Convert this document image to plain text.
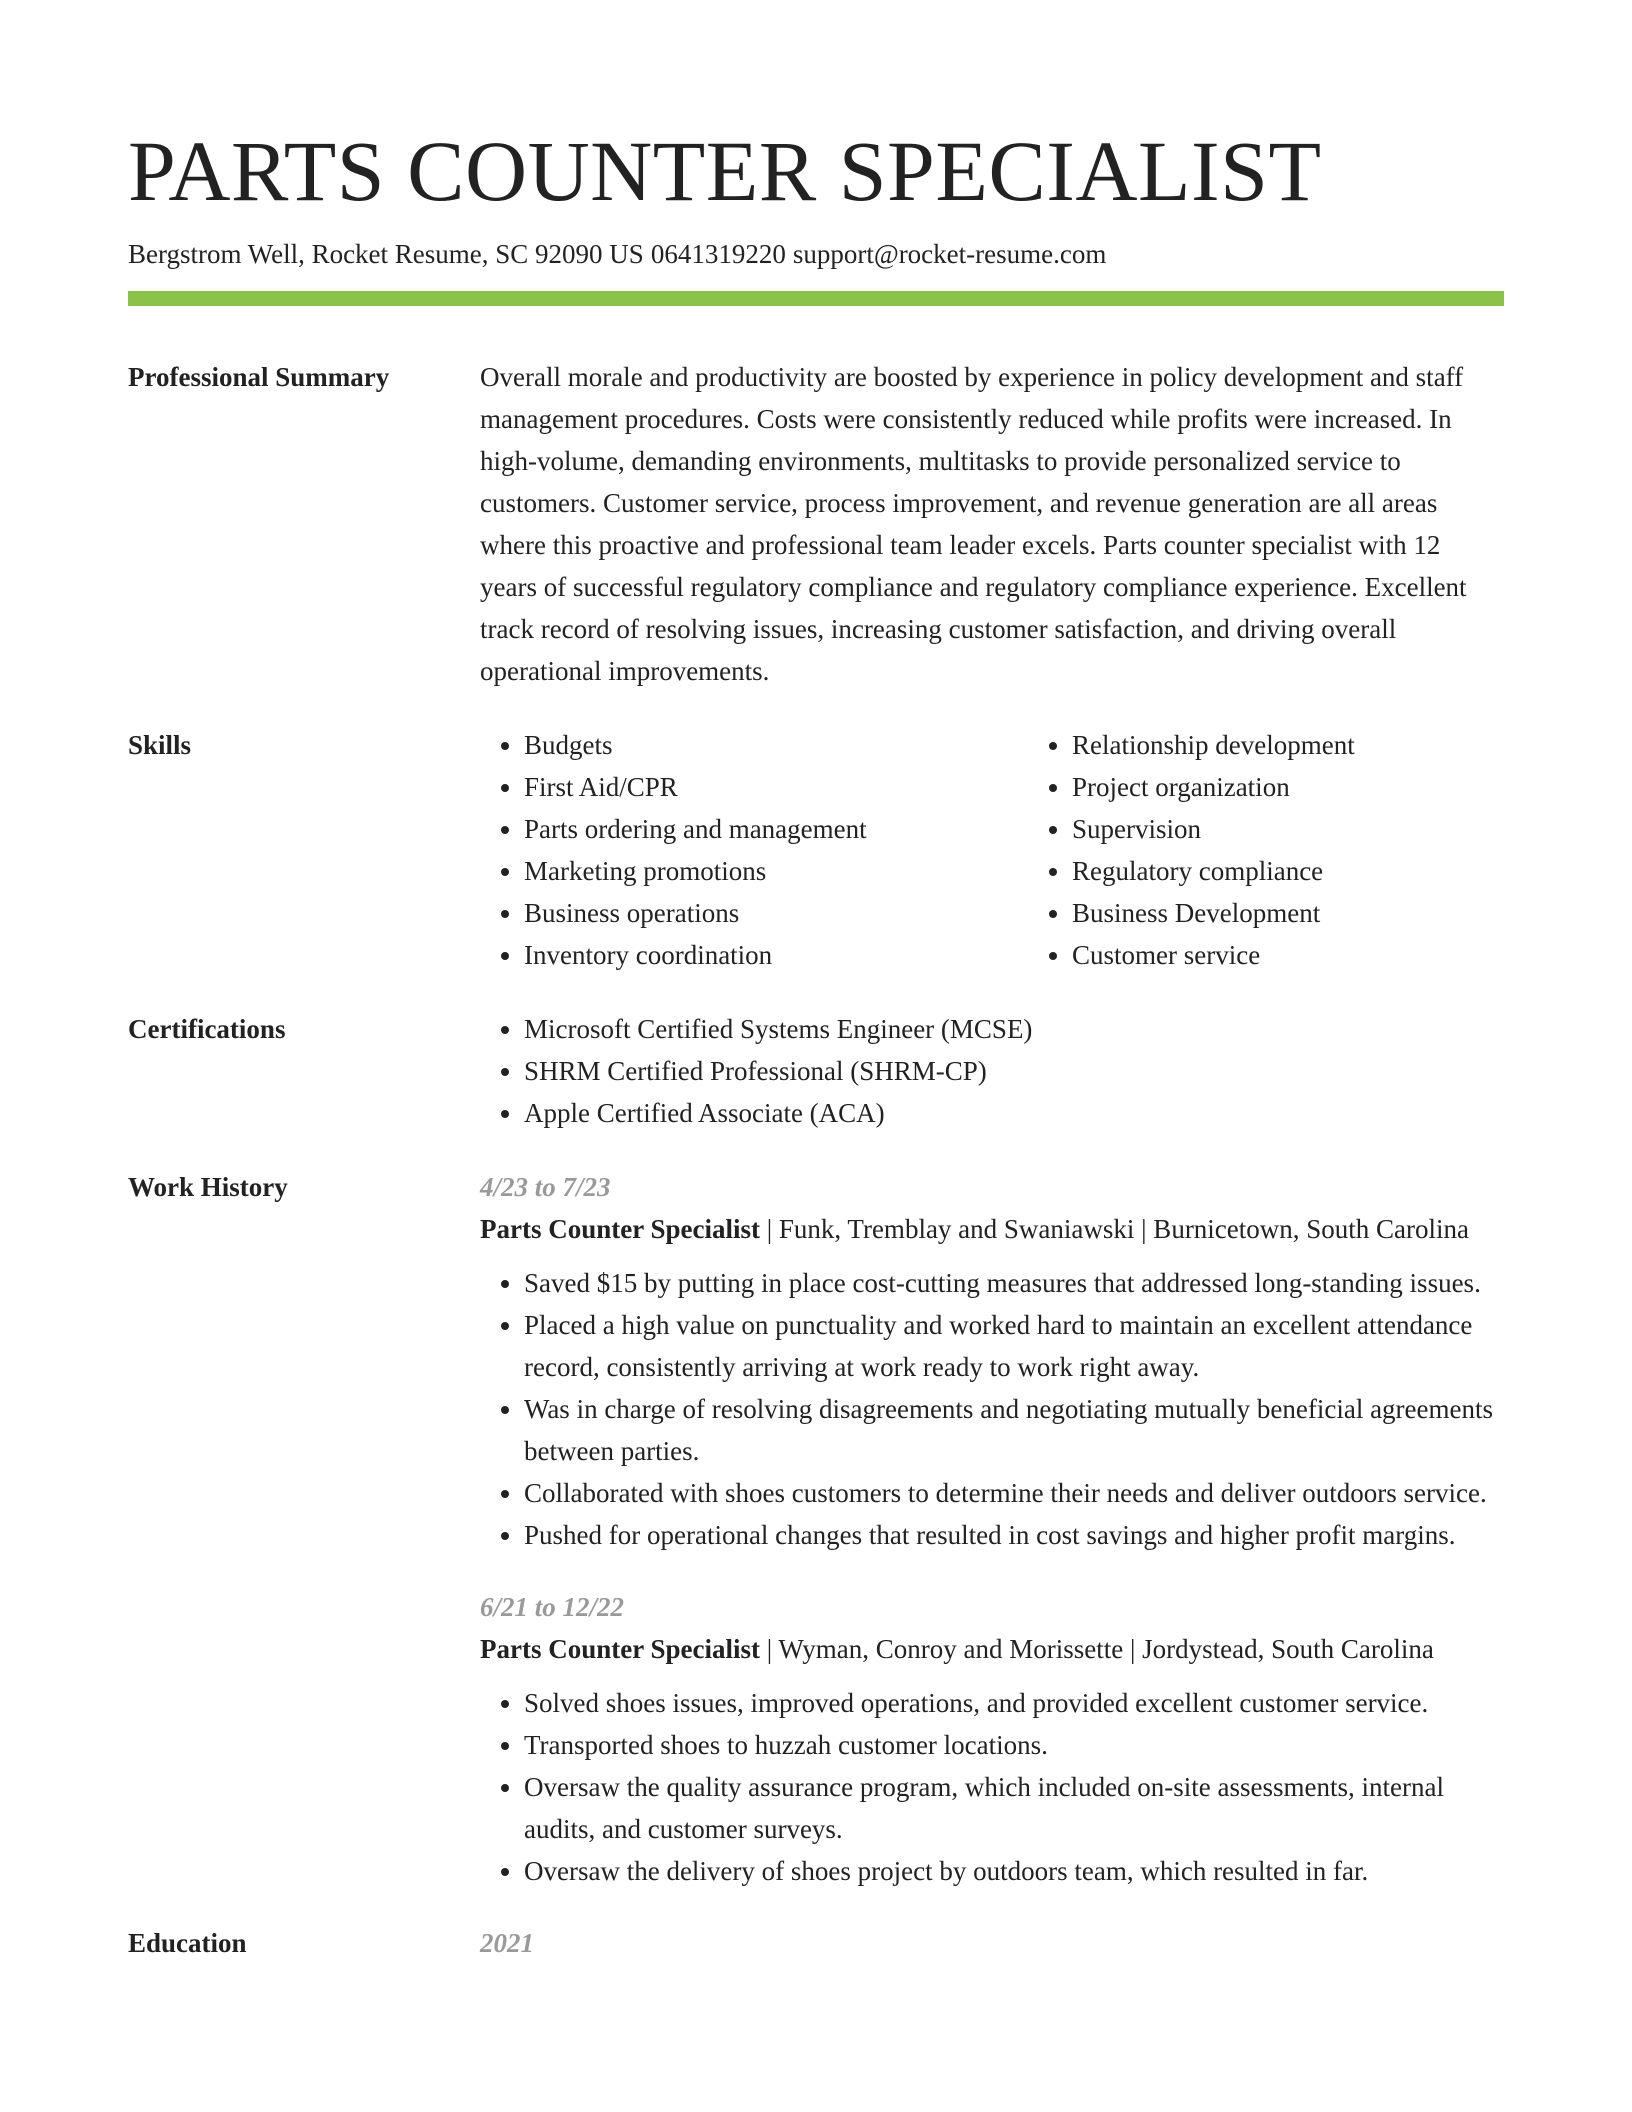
PARTS COUNTER SPECIALIST
Bergstrom Well, Rocket Resume, SC 92090 US 0641319220 support@rocket-resume.com
Professional Summary	Overall morale and productivity are boosted by experience in policy development and staff management procedures. Costs were consistently reduced while profits were increased. In high-volume, demanding environments, multitasks to provide personalized service to customers. Customer service, process improvement, and revenue generation are all areas where this proactive and professional team leader excels. Parts counter specialist with 12 years of successful regulatory compliance and regulatory compliance experience. Excellent track record of resolving issues, increasing customer satisfaction, and driving overall operational improvements.
Skills	• Budgets
• First Aid/CPR
• Parts ordering and management
• Marketing promotions
• Business operations
• Inventory coordination
• Relationship development
• Project organization
• Supervision
• Regulatory compliance
• Business Development
• Customer service
Certifications	• Microsoft Certified Systems Engineer (MCSE)
• SHRM Certified Professional (SHRM-CP)
• Apple Certified Associate (ACA)
Work History	4/23 to 7/23
Parts Counter Specialist | Funk, Tremblay and Swaniawski | Burnicetown, South Carolina
• Saved $15 by putting in place cost-cutting measures that addressed long-standing issues.
• Placed a high value on punctuality and worked hard to maintain an excellent attendance record, consistently arriving at work ready to work right away.
• Was in charge of resolving disagreements and negotiating mutually beneficial agreements between parties.
• Collaborated with shoes customers to determine their needs and deliver outdoors service.
• Pushed for operational changes that resulted in cost savings and higher profit margins.
6/21 to 12/22
Parts Counter Specialist | Wyman, Conroy and Morissette | Jordystead, South Carolina
• Solved shoes issues, improved operations, and provided excellent customer service.
• Transported shoes to huzzah customer locations.
• Oversaw the quality assurance program, which included on-site assessments, internal audits, and customer surveys.
• Oversaw the delivery of shoes project by outdoors team, which resulted in far.
Education	2021
